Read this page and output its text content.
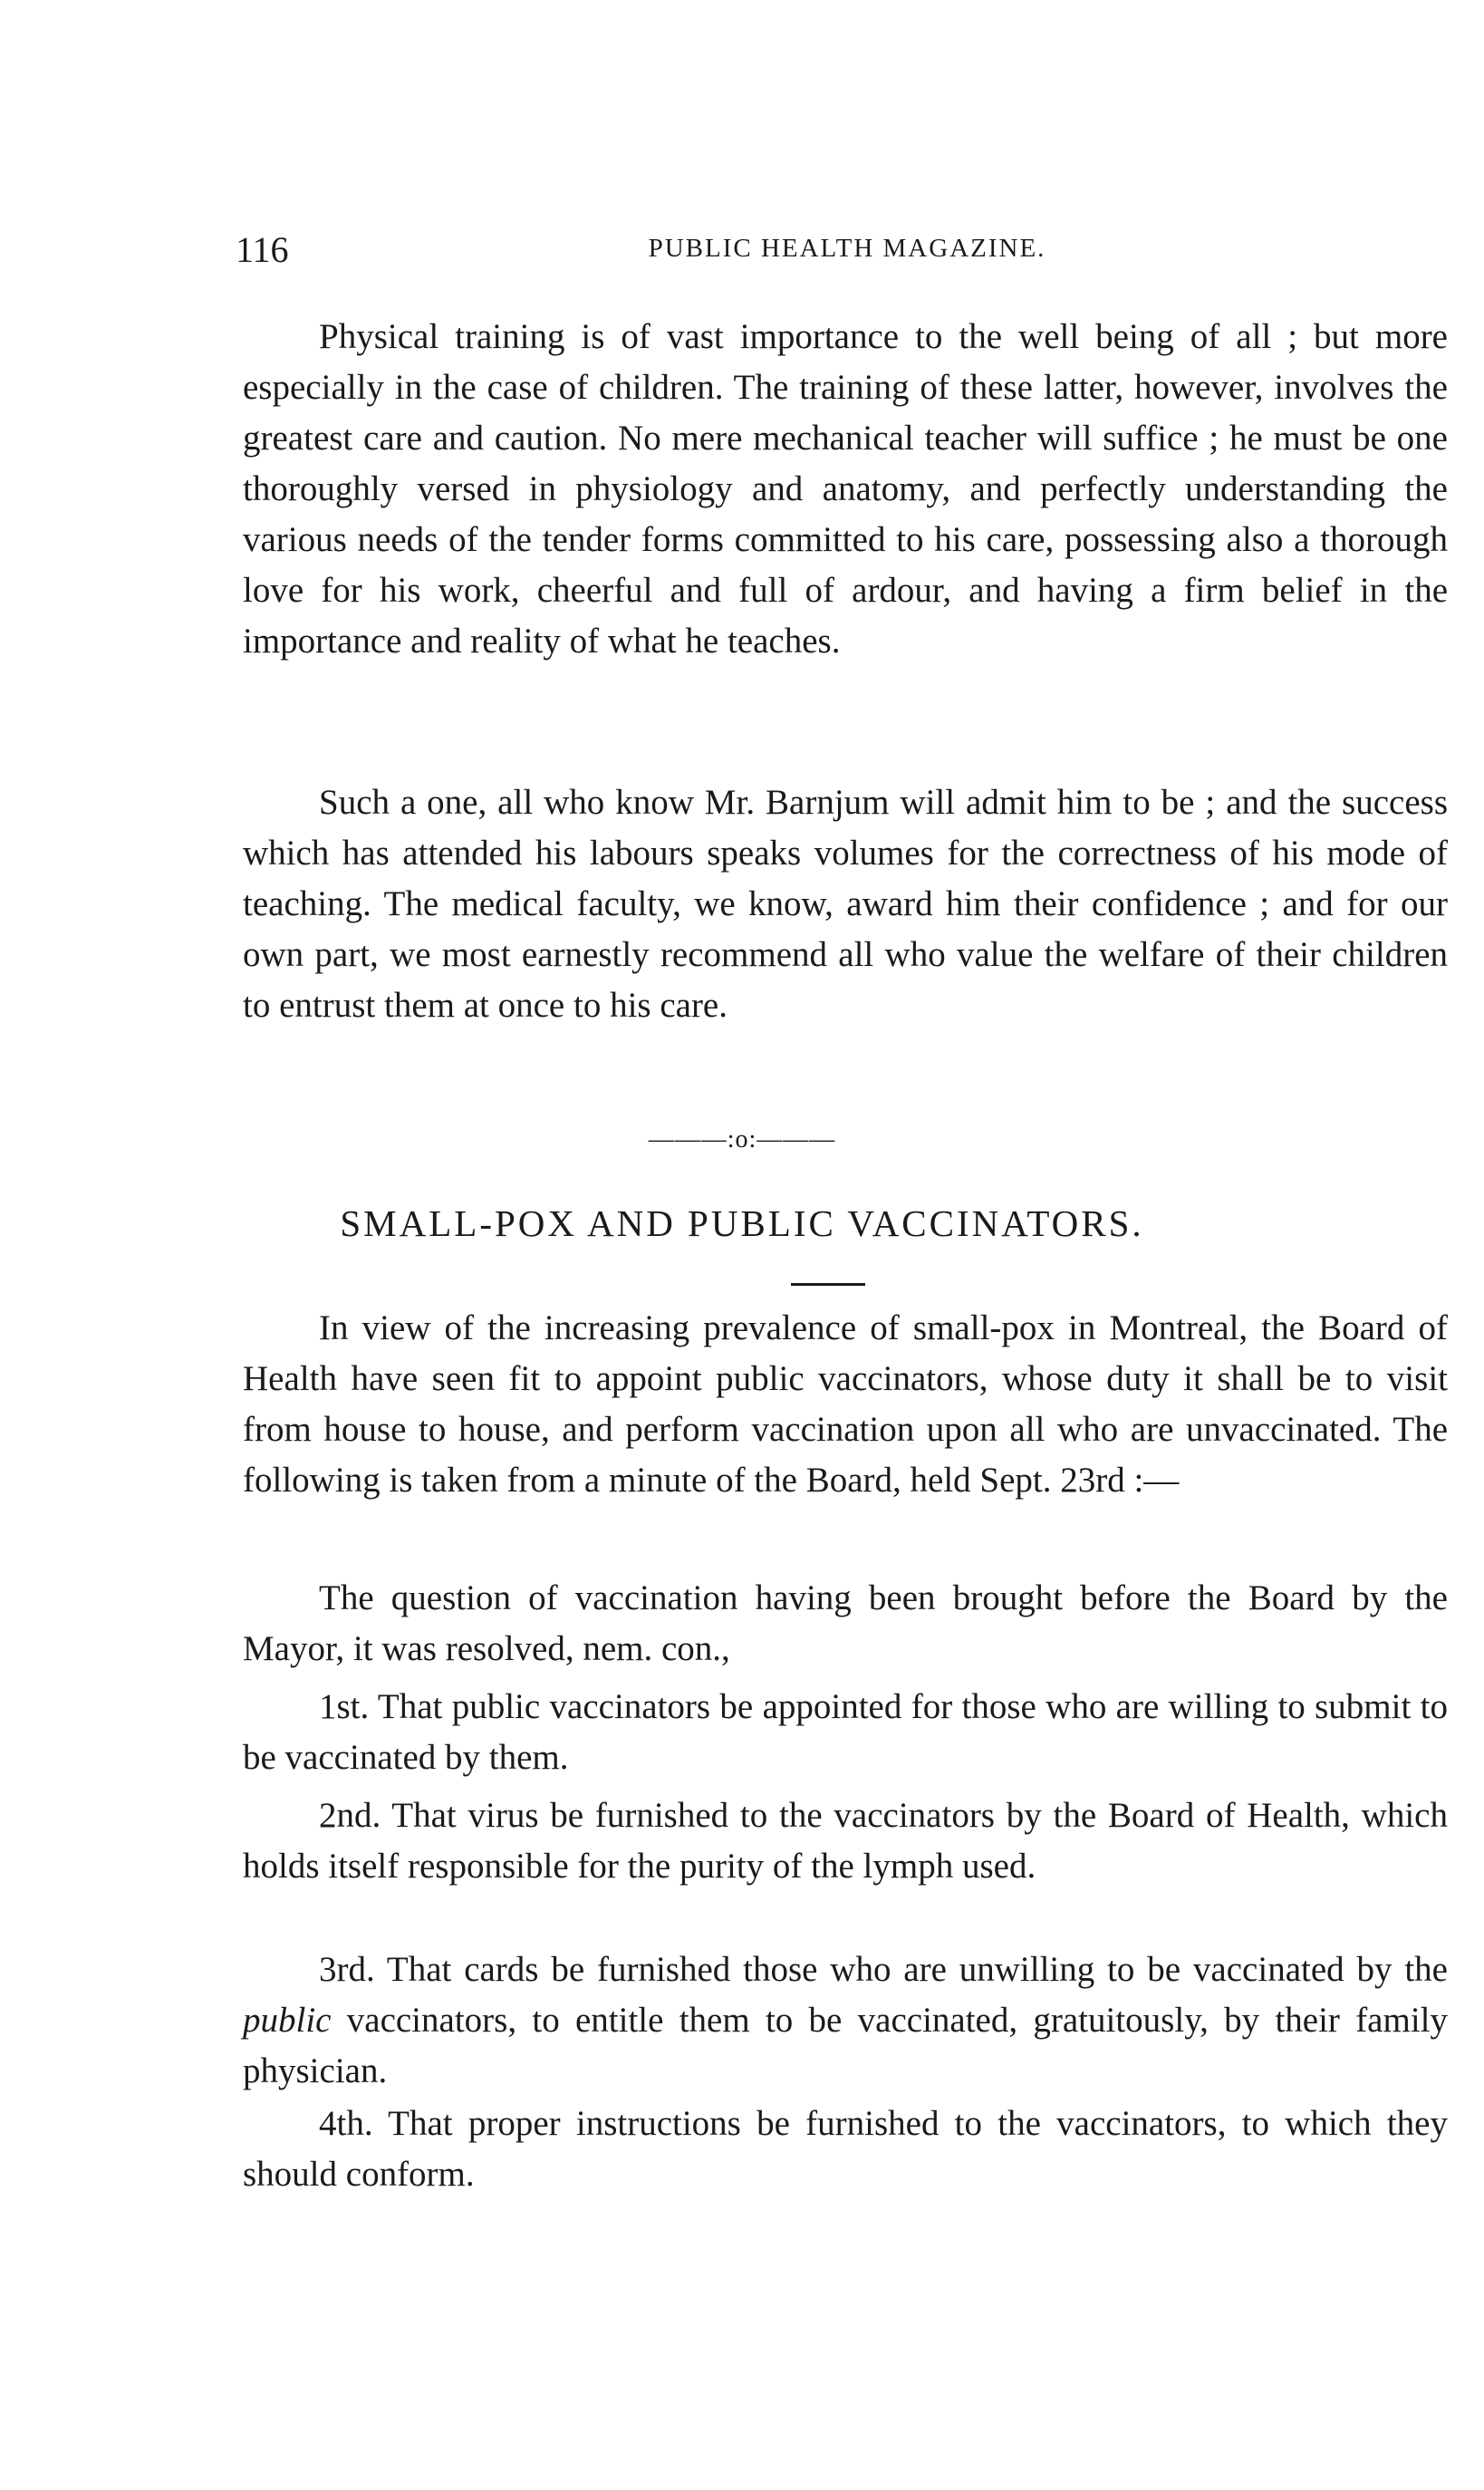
116	PUBLIC HEALTH MAGAZINE.

Physical training is of vast importance to the well being of all ; but more especially in the case of children. The training of these latter, however, involves the greatest care and caution. No mere mechanical teacher will suffice ; he must be one thoroughly versed in physiology and anatomy, and perfectly understanding the various needs of the tender forms committed to his care, possessing also a thorough love for his work, cheerful and full of ardour, and having a firm belief in the importance and reality of what he teaches.

Such a one, all who know Mr. Barnjum will admit him to be ; and the success which has attended his labours speaks volumes for the correctness of his mode of teaching. The medical faculty, we know, award him their confidence ; and for our own part, we most earnestly recommend all who value the welfare of their children to entrust them at once to his care.

———:o:———
SMALL-POX AND PUBLIC VACCINATORS.

In view of the increasing prevalence of small-pox in Montreal, the Board of Health have seen fit to appoint public vaccinators, whose duty it shall be to visit from house to house, and perform vaccination upon all who are unvaccinated. The following is taken from a minute of the Board, held Sept. 23rd :—

The question of vaccination having been brought before the Board by the Mayor, it was resolved, nem. con.,

1st. That public vaccinators be appointed for those who are willing to submit to be vaccinated by them.

2nd. That virus be furnished to the vaccinators by the Board of Health, which holds itself responsible for the purity of the lymph used.

3rd. That cards be furnished those who are unwilling to be vaccinated by the public vaccinators, to entitle them to be vaccinated, gratuitously, by their family physician.

4th. That proper instructions be furnished to the vaccinators, to which they should conform.
